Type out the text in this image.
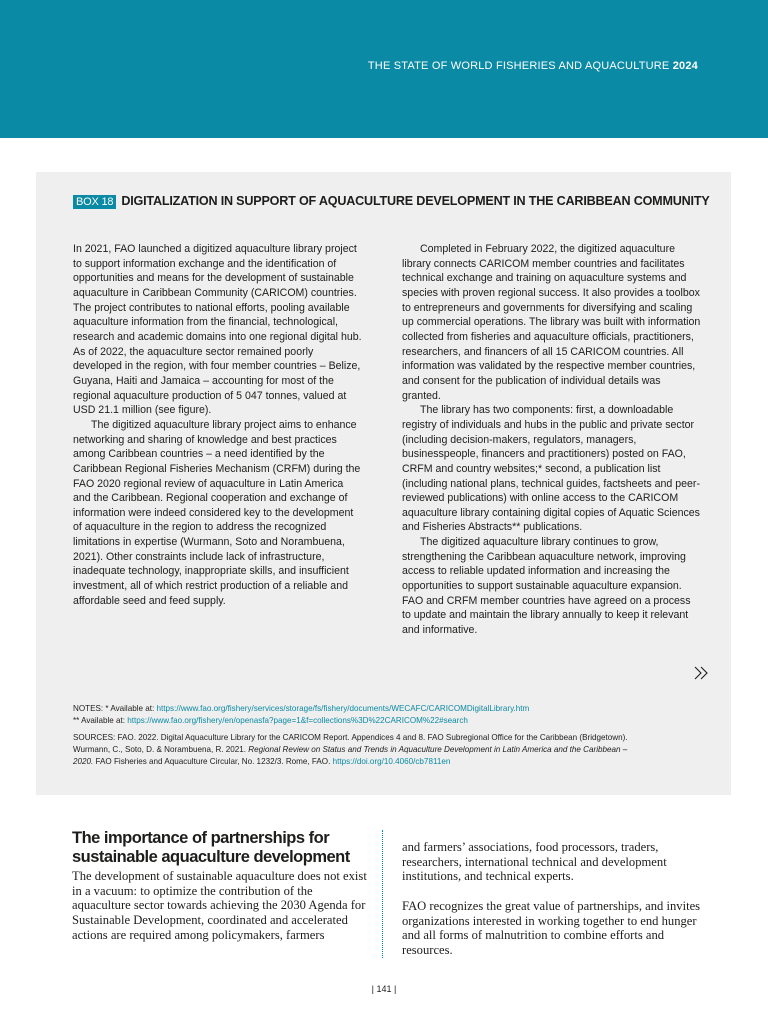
THE STATE OF WORLD FISHERIES AND AQUACULTURE 2024
BOX 18 DIGITALIZATION IN SUPPORT OF AQUACULTURE DEVELOPMENT IN THE CARIBBEAN COMMUNITY

In 2021, FAO launched a digitized aquaculture library project to support information exchange and the identification of opportunities and means for the development of sustainable aquaculture in Caribbean Community (CARICOM) countries. The project contributes to national efforts, pooling available aquaculture information from the financial, technological, research and academic domains into one regional digital hub. As of 2022, the aquaculture sector remained poorly developed in the region, with four member countries – Belize, Guyana, Haiti and Jamaica – accounting for most of the regional aquaculture production of 5 047 tonnes, valued at USD 21.1 million (see figure).

The digitized aquaculture library project aims to enhance networking and sharing of knowledge and best practices among Caribbean countries – a need identified by the Caribbean Regional Fisheries Mechanism (CRFM) during the FAO 2020 regional review of aquaculture in Latin America and the Caribbean. Regional cooperation and exchange of information were indeed considered key to the development of aquaculture in the region to address the recognized limitations in expertise (Wurmann, Soto and Norambuena, 2021). Other constraints include lack of infrastructure, inadequate technology, inappropriate skills, and insufficient investment, all of which restrict production of a reliable and affordable seed and feed supply.

Completed in February 2022, the digitized aquaculture library connects CARICOM member countries and facilitates technical exchange and training on aquaculture systems and species with proven regional success. It also provides a toolbox to entrepreneurs and governments for diversifying and scaling up commercial operations. The library was built with information collected from fisheries and aquaculture officials, practitioners, researchers, and financers of all 15 CARICOM countries. All information was validated by the respective member countries, and consent for the publication of individual details was granted.

The library has two components: first, a downloadable registry of individuals and hubs in the public and private sector (including decision-makers, regulators, managers, businesspeople, financers and practitioners) posted on FAO, CRFM and country websites;* second, a publication list (including national plans, technical guides, factsheets and peer-reviewed publications) with online access to the CARICOM aquaculture library containing digital copies of Aquatic Sciences and Fisheries Abstracts** publications.

The digitized aquaculture library continues to grow, strengthening the Caribbean aquaculture network, improving access to reliable updated information and increasing the opportunities to support sustainable aquaculture expansion. FAO and CRFM member countries have agreed on a process to update and maintain the library annually to keep it relevant and informative.

NOTES: * Available at: https://www.fao.org/fishery/services/storage/fs/fishery/documents/WECAFC/CARICOMDigitalLibrary.htm
** Available at: https://www.fao.org/fishery/en/openasfa?page=1&f=collections%3D%22CARICOM%22#search
SOURCES: FAO. 2022. Digital Aquaculture Library for the CARICOM Report. Appendices 4 and 8. FAO Subregional Office for the Caribbean (Bridgetown).
Wurmann, C., Soto, D. & Norambuena, R. 2021. Regional Review on Status and Trends in Aquaculture Development in Latin America and the Caribbean –
2020. FAO Fisheries and Aquaculture Circular, No. 1232/3. Rome, FAO. https://doi.org/10.4060/cb7811en
The importance of partnerships for sustainable aquaculture development
The development of sustainable aquaculture does not exist in a vacuum: to optimize the contribution of the aquaculture sector towards achieving the 2030 Agenda for Sustainable Development, coordinated and accelerated actions are required among policymakers, farmers

and farmers’ associations, food processors, traders, researchers, international technical and development institutions, and technical experts.

FAO recognizes the great value of partnerships, and invites organizations interested in working together to end hunger and all forms of malnutrition to combine efforts and resources.

| 141 |
